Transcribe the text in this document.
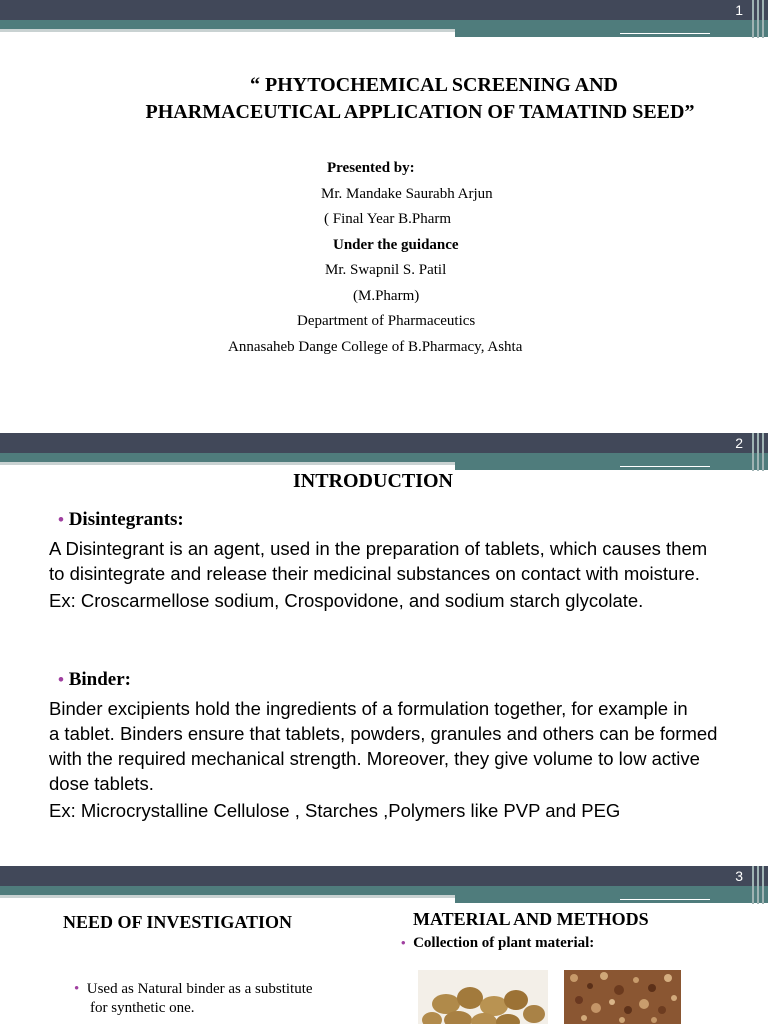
1
“ PHYTOCHEMICAL SCREENING AND
PHARMACEUTICAL APPLICATION OF TAMATIND SEED”
Presented by:
Mr. Mandake Saurabh Arjun
( Final Year B.Pharm
Under the guidance
Mr. Swapnil S. Patil
(M.Pharm)
Department of Pharmaceutics
Annasaheb Dange College of B.Pharmacy, Ashta
2
INTRODUCTION
• Disintegrants:
A Disintegrant is an agent, used in the preparation of tablets, which causes them
to disintegrate and release their medicinal substances on contact with moisture.
Ex: Croscarmellose sodium, Crospovidone, and sodium starch glycolate.
• Binder:
Binder excipients hold the ingredients of a formulation together, for example in
a tablet. Binders ensure that tablets, powders, granules and others can be formed
with the required mechanical strength. Moreover, they give volume to low active
dose tablets.
Ex: Microcrystalline Cellulose , Starches ,Polymers like PVP and PEG
3
NEED OF INVESTIGATION
• Used as Natural binder as a substitute
for synthetic one.
MATERIAL AND METHODS
• Collection of plant material:
